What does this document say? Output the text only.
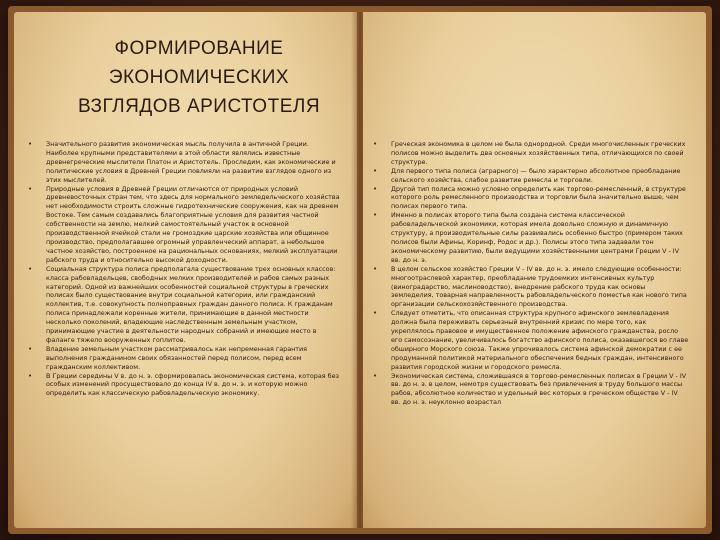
ФОРМИРОВАНИЕ
ЭКОНОМИЧЕСКИХ
ВЗГЛЯДОВ АРИСТОТЕЛЯ
• Значительного развития экономическая мысль получила в античной Греции. Наиболее крупными представителями в этой области являлись известные древнегреческие мыслители Платон и Аристотель. Проследим, как экономические и политические условия в Древней Греции повлияли на развитие взглядов одного из этих мыслителей.
• Природные условия в Древней Греции отличаются от природных условий древневосточных стран тем, что здесь для нормального земледельческого хозяйства нет необходимости строить сложные гидротехнические сооружения, как на древнем Востоке. Тем самым создавались благоприятные условия для развития частной собственности на землю, мелкий самостоятельный участок в основной производственной ячейкой стали не громоздкие царские хозяйства или общинное производство, предполагавшее огромный управленческий аппарат, а небольшое частное хозяйство, построенное на рациональных основаниях, мелкий эксплуатации рабского труда и относительно высокой доходности.
• Социальная структура полиса предполагала существование трех основных классов: класса рабовладельцев, свободных мелких производителей и рабов самых разных категорий. Одной из важнейших особенностей социальной структуры в греческих полисах было существование внутри социальной категории, или гражданский коллектив, т.е. совокупность полноправных граждан данного полиса. К гражданам полиса принадлежали коренные жители, принимающие в данной местности несколько поколений, владеющие наследственным земельным участком, принимающие участие в деятельности народных собраний и имеющие место в фаланге тяжело вооруженных гоплитов.
• Владение земельным участком рассматривалось как непременная гарантия выполнения гражданином своих обязанностей перед полисом, перед всем гражданским коллективом.
• В Греции середины V в. до н. э. сформировалась экономическая система, которая без особых изменений просуществовало до конца IV в. до н. э. и которую можно определить как классическую рабовладельческую экономику.
• Греческая экономика в целом не была однородной. Среди многочисленных греческих полисов можно выделить два основных хозяйственных типа, отличающихся по своей структуре.
• Для первого типа полиса (аграрного) — было характерно абсолютное преобладание сельского хозяйства, слабое развитие ремесла и торговли.
• Другой тип полиса можно условно определить как торгово-ремесленный, в структуре которого роль ремесленного производства и торговли была значительно выше, чем полисах первого типа.
• Именно в полисах второго типа была создана система классической рабовладельческой экономики, которая имела довольно сложную и динамичную структуру, а производительные силы развивались особенно быстро (примером таких полисов были Афины, Коринф, Родос и др.). Полисы этого типа задавали тон экономическому развитию, были ведущими хозяйственными центрами Греции V - IV вв. до н. э.
• В целом сельское хозяйство Греции V - IV вв. до н. э. имело следующие особенности: многоотраслевой характер, преобладание трудоемких интенсивных культур (виноградарство, маслиноводство), внедрение рабского труда как основы земледелия, товарная направленность рабовладельческого поместья как нового типа организации сельскохозяйственного производства.
• Следует отметить, что описанная структура крупного афинского землевладения должна была переживать серьезный внутренний кризис по мере того, как укреплялось правовое и имущественное положение афинского гражданства, росло его самосознание, увеличивалось богатство афинского полиса, оказавшегося во главе обширного Морского союза. Также упрочивалось система афинской демократии с ее продуманной политикой материального обеспечения бедных граждан, интенсивного развития городской жизни и городского ремесла.
• Экономическая система, сложившаяся в торгово-ремесленных полисах в Греции V - IV вв. до н. э. в целом, немотря существовать без привлечения в труду большого массы рабов, абсолютное количество и удельный вес которых в греческом обществе V - IV вв. до н. э. неуклонно возрастал
